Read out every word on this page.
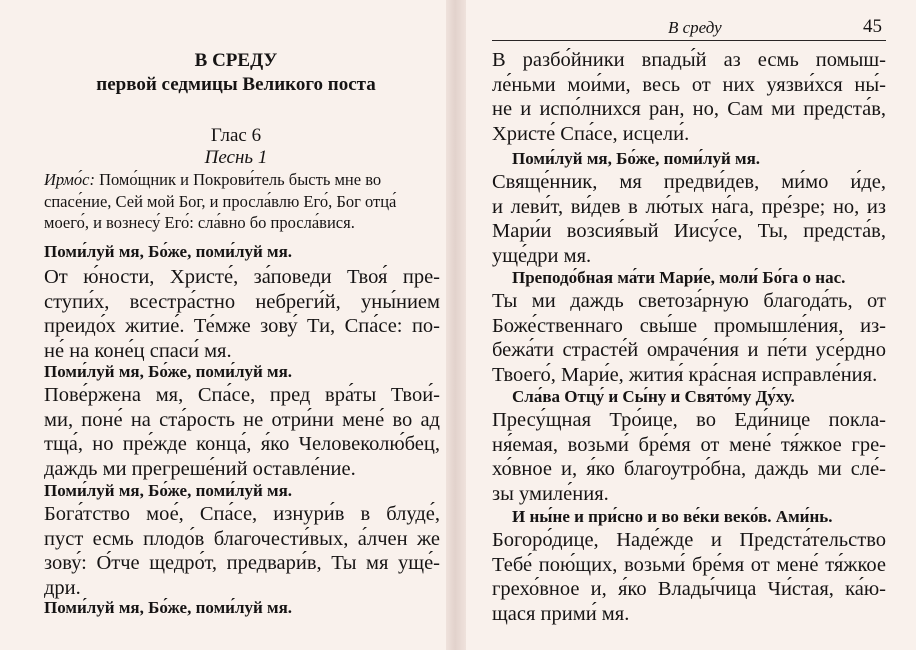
В СРЕДУ
первой седмицы Великого поста
Глас 6
Песнь 1
Ирмо́с: Помо́щник и Покрови́тель бысть мне во
спасе́ние, Сей мой Бог, и просла́влю Его́, Бог отца́
моего́, и вознесу́ Его́: сла́вно бо просла́вися.
Поми́луй мя, Бо́же, поми́луй мя.
От ю́ности, Христе́, за́поведи Твоя́ пре-
ступи́х, всестра́стно небреги́й, уны́нием
преидо́х житие́. Те́мже зову́ Ти, Спа́се: по-
не́ на коне́ц спаси́ мя.
Поми́луй мя, Бо́же, поми́луй мя.
Пове́ржена мя, Спа́се, пред вра́ты Твои́-
ми, поне́ на ста́рость не отри́ни мене́ во ад
тща́, но пре́жде конца́, я́ко Человеколю́бец,
даждь ми прегреше́ний оставле́ние.
Поми́луй мя, Бо́же, поми́луй мя.
Бога́тство мое́, Спа́се, изнури́в в блуде́,
пуст есмь плодо́в благочести́вых, а́лчен же
зову́: О́тче щедро́т, предвари́в, Ты мя уще́-
дри.
Поми́луй мя, Бо́же, поми́луй мя.
В среду	45
В разбо́йники впады́й аз есмь помыш-
ле́ньми мои́ми, весь от них уязви́хся ны́-
не и испо́лнихся ран, но, Сам ми предста́в,
Христе́ Спа́се, исцели́.
Поми́луй мя, Бо́же, поми́луй мя.
Свяще́нник, мя предви́дев, ми́мо и́де,
и леви́т, ви́дев в лю́тых на́га, пре́зре; но, из
Мари́и возсия́вый Иису́се, Ты, предста́в,
уще́дри мя.
Преподо́бная ма́ти Мари́е, моли́ Бо́га о нас.
Ты ми даждь светоза́рную благода́ть, от
Боже́ственнаго свы́ше промышле́ния, из-
бежа́ти страсте́й омраче́ния и пе́ти усе́рдно
Твоего́, Мари́е, жития́ кра́сная исправле́ния.
Сла́ва Отцу́ и Сы́ну и Свято́му Ду́ху.
Пресу́щная Тро́ице, во Еди́нице покла-
ня́емая, возьми́ бре́мя от мене́ тя́жкое гре-
хо́вное и, я́ко благоутро́бна, даждь ми сле́-
зы умиле́ния.
И ны́не и при́сно и во ве́ки веко́в. Ами́нь.
Богоро́дице, Наде́жде и Предста́тельство
Тебе́ пою́щих, возьми́ бре́мя от мене́ тя́жкое
грехо́вное и, я́ко Влады́чица Чи́стая, ка́ю-
щася прими́ мя.
